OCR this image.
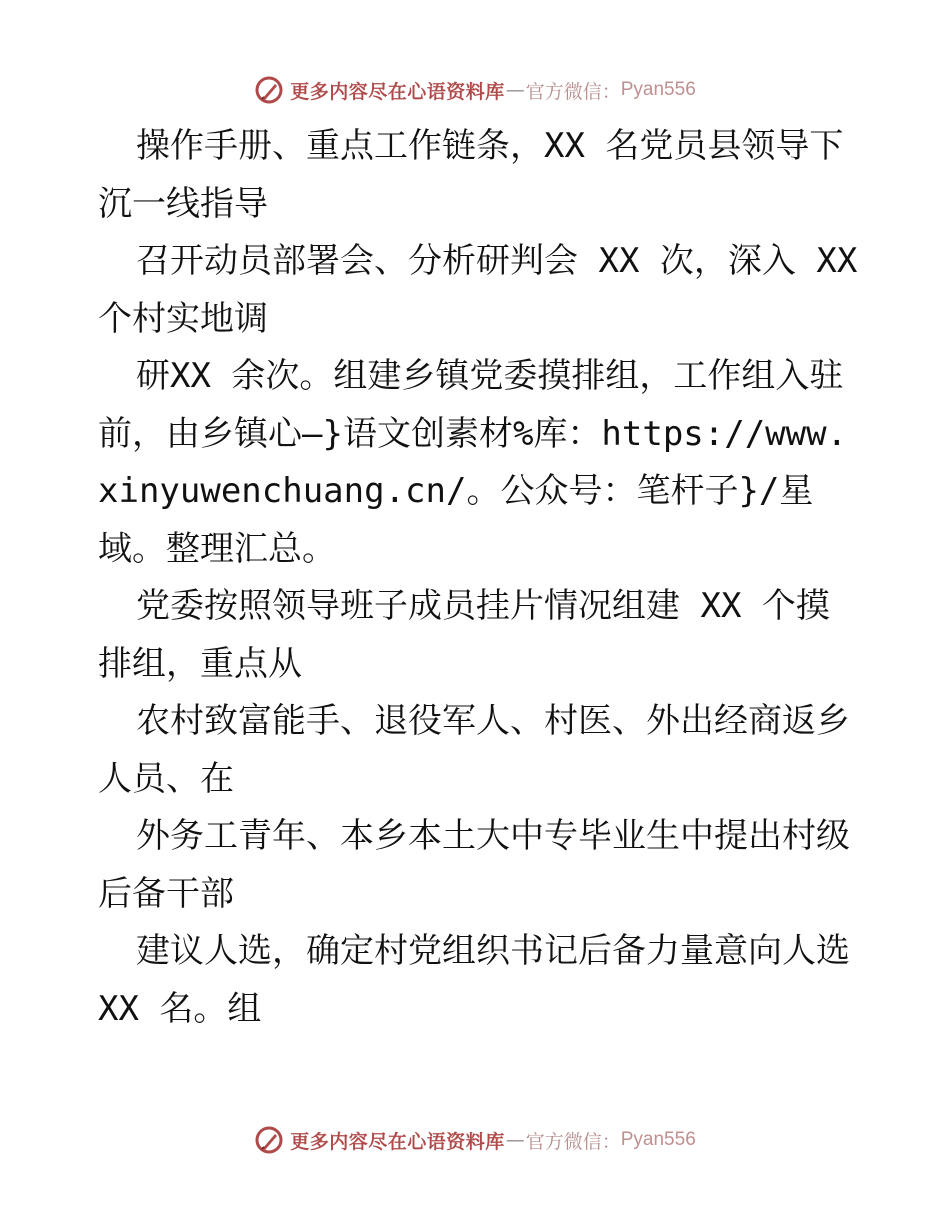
更多内容尽在心语资料库 — 官方微信： Pyan556

操作手册、重点工作链条，XX 名党员县领导下沉一线指导

召开动员部署会、分析研判会 XX 次，深入 XX 个村实地调

研XX 余次。组建乡镇党委摸排组，工作组入驻前，由乡镇心—}语文创素材%库：https://www.xinyuwenchuang.cn/。公众号：笔杆子}/星域。整理汇总。

党委按照领导班子成员挂片情况组建 XX 个摸排组，重点从

农村致富能手、退役军人、村医、外出经商返乡人员、在

外务工青年、本乡本土大中专毕业生中提出村级后备干部

建议人选，确定村党组织书记后备力量意向人选 XX 名。组

更多内容尽在心语资料库 — 官方微信： Pyan556
